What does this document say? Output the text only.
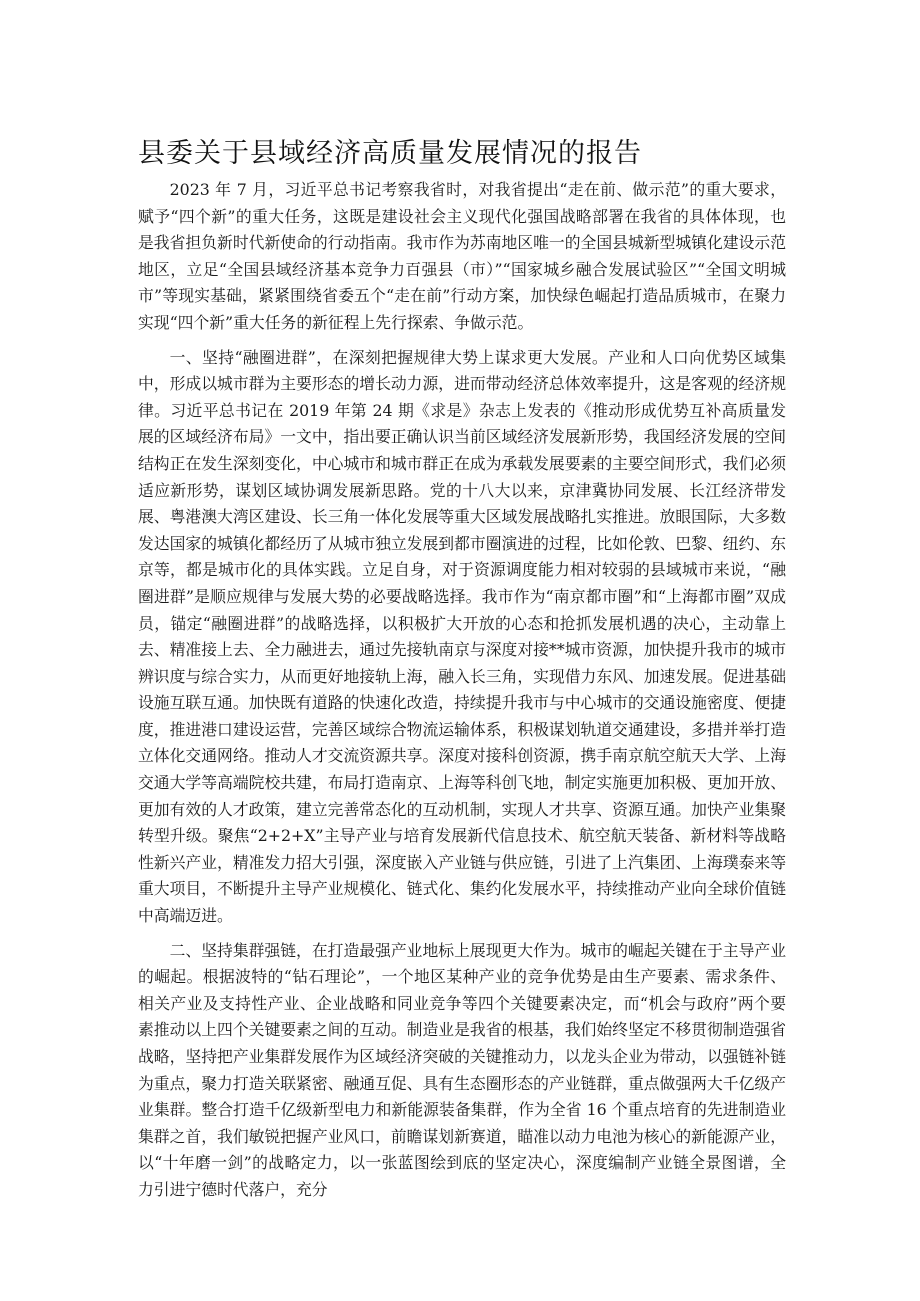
县委关于县域经济高质量发展情况的报告

2023 年 7 月，习近平总书记考察我省时，对我省提出“走在前、做示范”的重大要求，赋予“四个新”的重大任务，这既是建设社会主义现代化强国战略部署在我省的具体体现，也是我省担负新时代新使命的行动指南。我市作为苏南地区唯一的全国县城新型城镇化建设示范地区，立足“全国县域经济基本竞争力百强县（市）”“国家城乡融合发展试验区”“全国文明城市”等现实基础，紧紧围绕省委五个“走在前”行动方案，加快绿色崛起打造品质城市，在聚力实现“四个新”重大任务的新征程上先行探索、争做示范。

一、坚持“融圈进群”，在深刻把握规律大势上谋求更大发展。产业和人口向优势区域集中，形成以城市群为主要形态的增长动力源，进而带动经济总体效率提升，这是客观的经济规律。习近平总书记在 2019 年第 24 期《求是》杂志上发表的《推动形成优势互补高质量发展的区域经济布局》一文中，指出要正确认识当前区域经济发展新形势，我国经济发展的空间结构正在发生深刻变化，中心城市和城市群正在成为承载发展要素的主要空间形式，我们必须适应新形势，谋划区域协调发展新思路。党的十八大以来，京津冀协同发展、长江经济带发展、粤港澳大湾区建设、长三角一体化发展等重大区域发展战略扎实推进。放眼国际，大多数发达国家的城镇化都经历了从城市独立发展到都市圈演进的过程，比如伦敦、巴黎、纽约、东京等，都是城市化的具体实践。立足自身，对于资源调度能力相对较弱的县域城市来说，“融圈进群”是顺应规律与发展大势的必要战略选择。我市作为“南京都市圈”和“上海都市圈”双成员，锚定“融圈进群”的战略选择，以积极扩大开放的心态和抢抓发展机遇的决心，主动靠上去、精准接上去、全力融进去，通过先接轨南京与深度对接**城市资源，加快提升我市的城市辨识度与综合实力，从而更好地接轨上海，融入长三角，实现借力东风、加速发展。促进基础设施互联互通。加快既有道路的快速化改造，持续提升我市与中心城市的交通设施密度、便捷度，推进港口建设运营，完善区域综合物流运输体系，积极谋划轨道交通建设，多措并举打造立体化交通网络。推动人才交流资源共享。深度对接科创资源，携手南京航空航天大学、上海交通大学等高端院校共建，布局打造南京、上海等科创飞地，制定实施更加积极、更加开放、更加有效的人才政策，建立完善常态化的互动机制，实现人才共享、资源互通。加快产业集聚转型升级。聚焦“2+2+X”主导产业与培育发展新代信息技术、航空航天装备、新材料等战略性新兴产业，精准发力招大引强，深度嵌入产业链与供应链，引进了上汽集团、上海璞泰来等重大项目，不断提升主导产业规模化、链式化、集约化发展水平，持续推动产业向全球价值链中高端迈进。

二、坚持集群强链，在打造最强产业地标上展现更大作为。城市的崛起关键在于主导产业的崛起。根据波特的“钻石理论”，一个地区某种产业的竞争优势是由生产要素、需求条件、相关产业及支持性产业、企业战略和同业竞争等四个关键要素决定，而“机会与政府”两个要素推动以上四个关键要素之间的互动。制造业是我省的根基，我们始终坚定不移贯彻制造强省战略，坚持把产业集群发展作为区域经济突破的关键推动力，以龙头企业为带动，以强链补链为重点，聚力打造关联紧密、融通互促、具有生态圈形态的产业链群，重点做强两大千亿级产业集群。整合打造千亿级新型电力和新能源装备集群，作为全省 16 个重点培育的先进制造业集群之首，我们敏锐把握产业风口，前瞻谋划新赛道，瞄准以动力电池为核心的新能源产业，以“十年磨一剑”的战略定力，以一张蓝图绘到底的坚定决心，深度编制产业链全景图谱，全力引进宁德时代落户，充分
